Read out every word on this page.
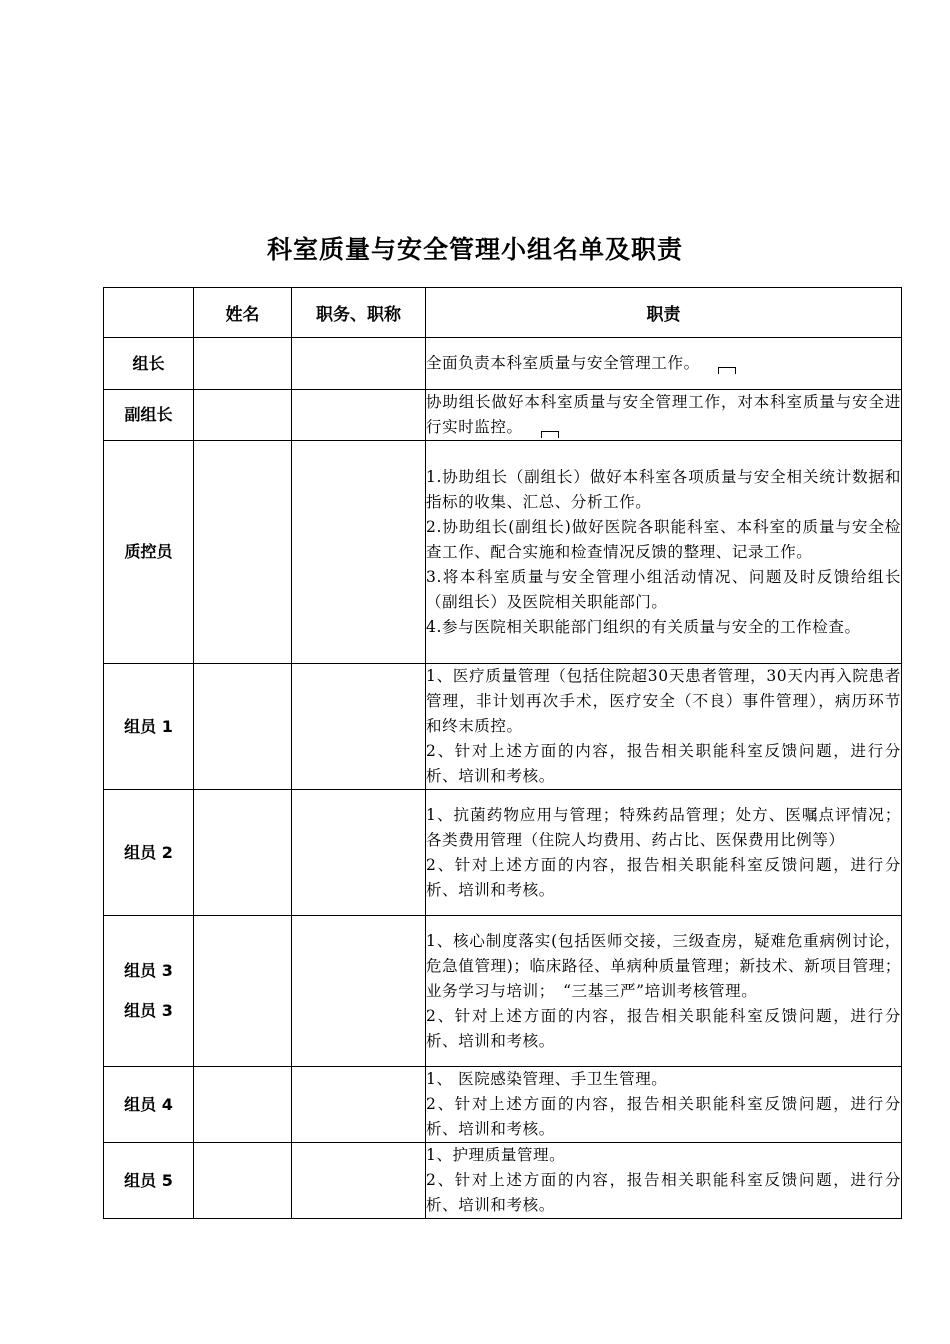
科室质量与安全管理小组名单及职责
	姓名	职务、职称	职责

组长			全面负责本科室质量与安全管理工作。

副组长			协助组长做好本科室质量与安全管理工作，对本科室质量与安全进行实时监控。

质控员			1.协助组长（副组长）做好本科室各项质量与安全相关统计数据和指标的收集、汇总、分析工作。
2.协助组长(副组长)做好医院各职能科室、本科室的质量与安全检查工作、配合实施和检查情况反馈的整理、记录工作。
3.将本科室质量与安全管理小组活动情况、问题及时反馈给组长（副组长）及医院相关职能部门。
4.参与医院相关职能部门组织的有关质量与安全的工作检查。

组员 1			1、医疗质量管理（包括住院超30天患者管理，30天内再入院患者管理，非计划再次手术，医疗安全（不良）事件管理），病历环节和终末质控。
2、针对上述方面的内容，报告相关职能科室反馈问题，进行分析、培训和考核。

组员 2			1、抗菌药物应用与管理；特殊药品管理；处方、医嘱点评情况；各类费用管理（住院人均费用、药占比、医保费用比例等）
2、针对上述方面的内容，报告相关职能科室反馈问题，进行分析、培训和考核。

组员 3
组员 3			1、核心制度落实(包括医师交接，三级查房，疑难危重病例讨论，危急值管理)；临床路径、单病种质量管理；新技术、新项目管理；业务学习与培训；　“三基三严”培训考核管理。
2、针对上述方面的内容，报告相关职能科室反馈问题，进行分析、培训和考核。

组员 4			1、 医院感染管理、手卫生管理。
2、针对上述方面的内容，报告相关职能科室反馈问题，进行分析、培训和考核。

组员 5			1、护理质量管理。
2、针对上述方面的内容，报告相关职能科室反馈问题，进行分析、培训和考核。
